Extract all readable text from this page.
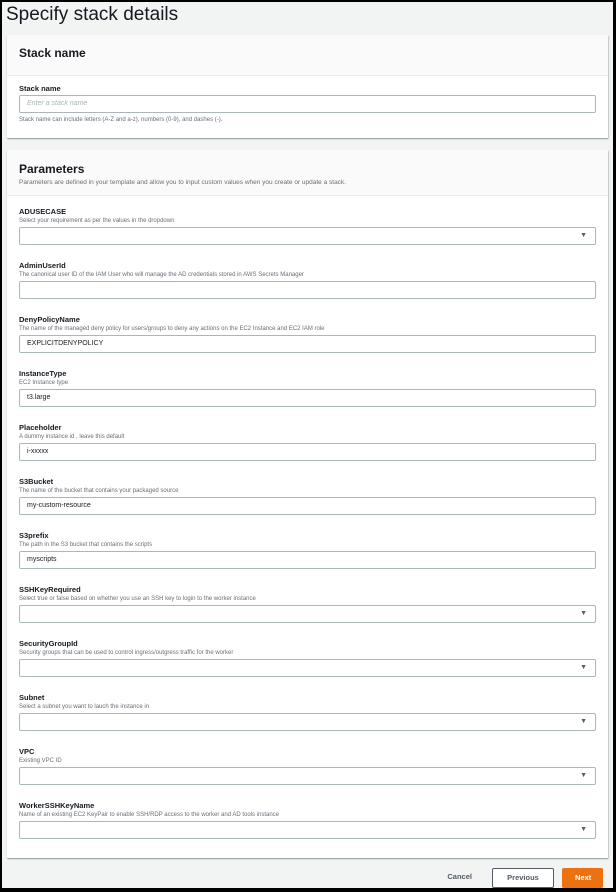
Specify stack details
Stack name
Stack name
Enter a stack name
Stack name can include letters (A-Z and a-z), numbers (0-9), and dashes (-).
Parameters
Parameters are defined in your template and allow you to input custom values when you create or update a stack.
ADUSECASE
Select your requirement as per the values in the dropdown
▼
AdminUserId
The canonical user ID of the IAM User who will manage the AD credentials stored in AWS Secrets Manager
DenyPolicyName
The name of the managed deny policy for users/groups to deny any actions on the EC2 Instance and EC2 IAM role
EXPLICITDENYPOLICY
InstanceType
EC2 Instance type
t3.large
Placeholder
A dummy instance id , leave this default
i-xxxxx
S3Bucket
The name of the bucket that contains your packaged source
my-custom-resource
S3prefix
The path in the S3 bucket that contains the scripts
myscripts
SSHKeyRequired
Select true or false based on whether you use an SSH key to login to the worker instance
▼
SecurityGroupId
Security groups that can be used to control ingress/outgress traffic for the worker
▼
Subnet
Select a subnet you want to lauch the instance in
▼
VPC
Existing VPC ID
▼
WorkerSSHKeyName
Name of an existing EC2 KeyPair to enable SSH/RDP access to the worker and AD tools instance
▼
Cancel	Previous	Next
